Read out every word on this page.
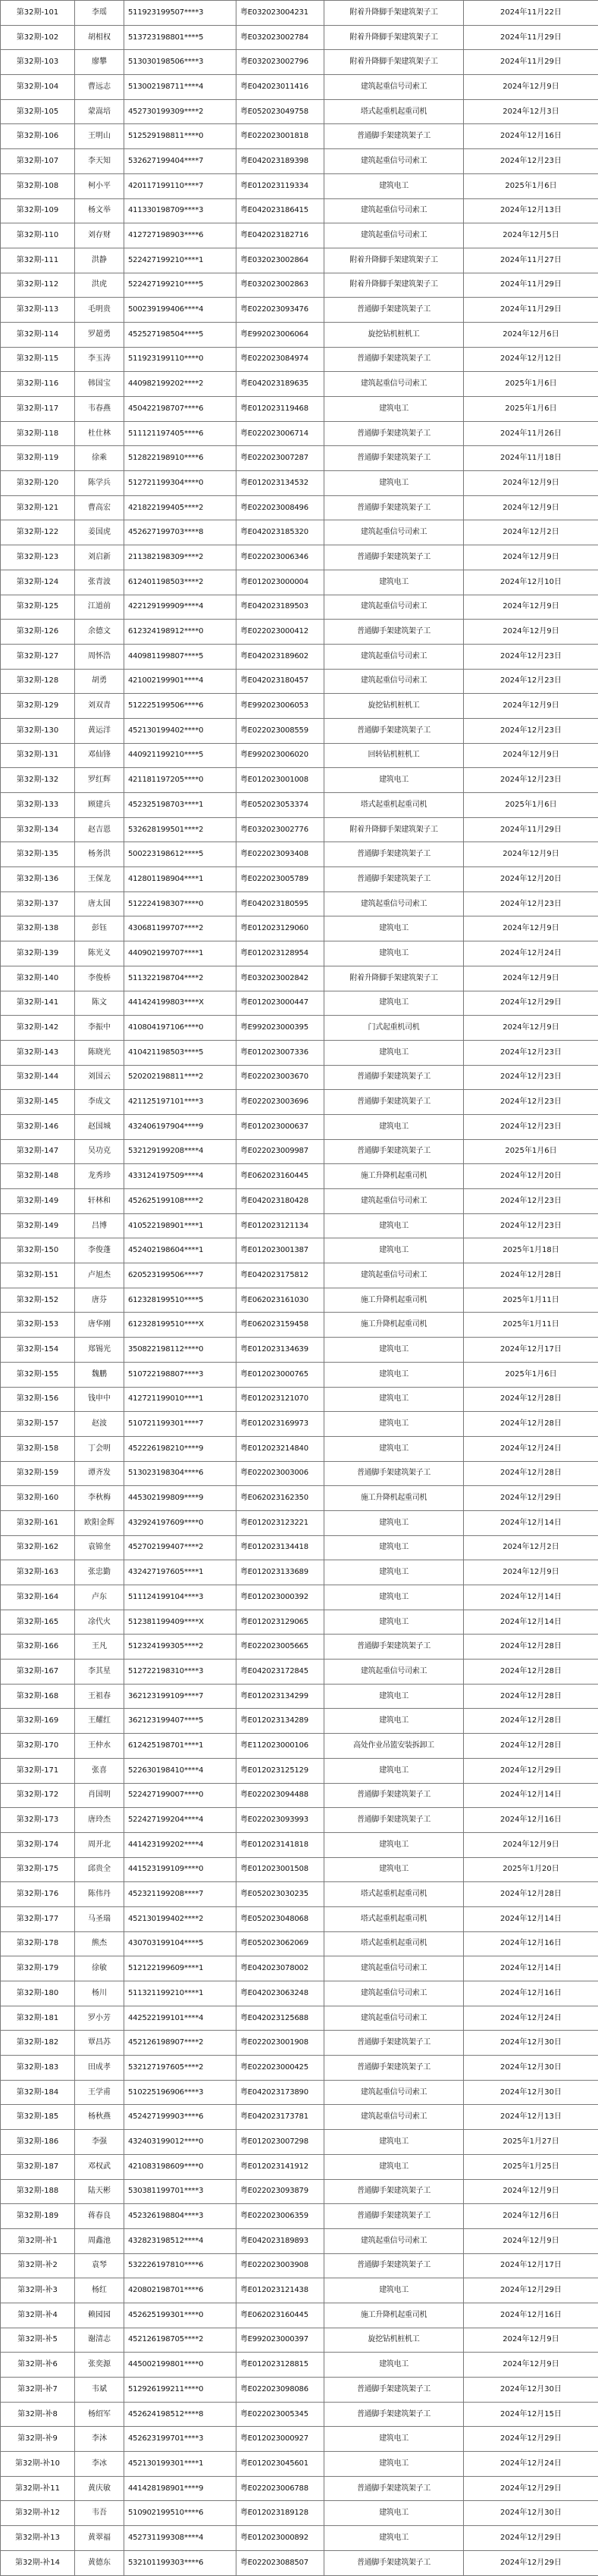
第32期-101	李瑶	511923199507****3	粤E032023004231	附着升降脚手架建筑架子工	2024年11月22日
第32期-102	胡相权	513723198801****5	粤E032023002784	附着升降脚手架建筑架子工	2024年11月29日
第32期-103	廖攀	513030198506****3	粤E032023002796	附着升降脚手架建筑架子工	2024年11月29日
第32期-104	曹远志	513002198711****4	粤E042023011416	建筑起重信号司索工	2024年12月9日
第32期-105	蒙嵩培	452730199309****2	粤E052023049758	塔式起重机起重司机	2024年12月3日
第32期-106	王明山	512529198811****0	粤E022023001818	普通脚手架建筑架子工	2024年12月16日
第32期-107	李天知	532627199404****7	粤E042023189398	建筑起重信号司索工	2024年12月23日
第32期-108	柯小平	420117199110****7	粤E012023119334	建筑电工	2025年1月6日
第32期-109	杨文举	411330198709****3	粤E042023186415	建筑起重信号司索工	2024年12月13日
第32期-110	刘存财	412727198903****6	粤E042023182716	建筑起重信号司索工	2024年12月5日
第32期-111	洪静	522427199210****1	粤E032023002864	附着升降脚手架建筑架子工	2024年11月27日
第32期-112	洪虎	522427199210****5	粤E032023002863	附着升降脚手架建筑架子工	2024年11月29日
第32期-113	毛明贵	500239199406****4	粤E022023093476	普通脚手架建筑架子工	2024年11月29日
第32期-114	罗超勇	452527198504****5	粤E992023006064	旋挖钻机桩机工	2024年12月6日
第32期-115	李玉涛	511923199110****0	粤E022023084974	普通脚手架建筑架子工	2024年12月12日
第32期-116	韩国宝	440982199202****2	粤E042023189635	建筑起重信号司索工	2025年1月6日
第32期-117	韦春燕	450422198707****6	粤E012023119468	建筑电工	2025年1月6日
第32期-118	杜仕林	511121197405****6	粤E022023006714	普通脚手架建筑架子工	2024年11月26日
第32期-119	徐乘	512822198910****6	粤E022023007287	普通脚手架建筑架子工	2024年11月18日
第32期-120	陈学兵	512721199304****0	粤E012023134532	建筑电工	2024年12月9日
第32期-121	曹高宏	421822199405****2	粤E022023008496	普通脚手架建筑架子工	2024年12月9日
第32期-122	姜国虎	452627199703****8	粤E042023185320	建筑起重信号司索工	2024年12月2日
第32期-123	刘启新	211382198309****2	粤E022023006346	普通脚手架建筑架子工	2024年12月9日
第32期-124	张青波	612401198503****2	粤E012023000004	建筑电工	2024年12月10日
第32期-125	江道前	422129199909****4	粤E042023189503	建筑起重信号司索工	2024年12月9日
第32期-126	余德文	612324198912****0	粤E022023000412	普通脚手架建筑架子工	2024年12月9日
第32期-127	周怀浩	440981199807****5	粤E042023189602	建筑起重信号司索工	2024年12月23日
第32期-128	胡勇	421002199901****4	粤E042023180457	建筑起重信号司索工	2024年12月23日
第32期-129	刘双青	512225199506****6	粤E992023006053	旋挖钻机桩机工	2024年12月9日
第32期-130	黄运洋	452130199402****0	粤E022023008559	普通脚手架建筑架子工	2024年12月23日
第32期-131	邓仙锋	440921199210****5	粤E992023006020	回转钻机桩机工	2024年12月9日
第32期-132	罗红辉	421181197205****0	粤E012023001008	建筑电工	2024年12月23日
第32期-133	顾建兵	452325198703****1	粤E052023053374	塔式起重机起重司机	2025年1月6日
第32期-134	赵吉恩	532628199501****2	粤E032023002776	附着升降脚手架建筑架子工	2024年11月29日
第32期-135	杨务洪	500223198612****5	粤E022023093408	普通脚手架建筑架子工	2024年12月9日
第32期-136	王保龙	412801198904****1	粤E022023005789	普通脚手架建筑架子工	2024年12月20日
第32期-137	唐太国	512224198307****0	粤E042023180595	建筑起重信号司索工	2024年12月23日
第32期-138	彭钰	430681199707****2	粤E012023129060	建筑电工	2024年12月9日
第32期-139	陈光义	440902199707****1	粤E012023128954	建筑电工	2024年12月24日
第32期-140	李俊桥	511322198704****2	粤E032023002842	附着升降脚手架建筑架子工	2024年12月9日
第32期-141	陈文	441424199803****X	粤E012023000447	建筑电工	2024年12月29日
第32期-142	李振中	410804197106****0	粤E992023000395	门式起重机司机	2024年12月9日
第32期-143	陈晓光	410421198503****5	粤E012023007336	建筑电工	2024年12月23日
第32期-144	刘国云	520202198811****2	粤E022023003670	普通脚手架建筑架子工	2024年12月23日
第32期-145	李成文	421125197101****3	粤E022023003696	普通脚手架建筑架子工	2024年12月23日
第32期-146	赵国城	432406197904****9	粤E012023000637	建筑电工	2024年12月23日
第32期-147	吴功克	532129199208****4	粤E022023009987	普通脚手架建筑架子工	2025年1月6日
第32期-148	龙秀珍	433124197509****4	粤E062023160445	施工升降机起重司机	2024年12月20日
第32期-149	轩林和	452625199108****2	粤E042023180428	建筑起重信号司索工	2024年12月23日
第32期-149	吕博	410522198901****1	粤E012023121134	建筑电工	2024年12月23日
第32期-150	李俊蓬	452402198604****1	粤E012023001387	建筑电工	2025年1月18日
第32期-151	卢旭杰	620523199506****7	粤E042023175812	建筑起重信号司索工	2024年12月28日
第32期-152	唐芬	612328199510****5	粤E062023161030	施工升降机起重司机	2025年1月11日
第32期-153	唐华刚	612328199510****X	粤E062023159458	施工升降机起重司机	2025年1月11日
第32期-154	郑锡光	350822198112****0	粤E012023134639	建筑电工	2024年12月17日
第32期-155	魏鹏	510722198807****3	粤E012023000765	建筑电工	2025年1月6日
第32期-156	钱申中	412721199010****1	粤E012023121070	建筑电工	2024年12月28日
第32期-157	赵波	510721199301****7	粤E012023169973	建筑电工	2024年12月28日
第32期-158	丁会明	452226198210****9	粤E012023214840	建筑电工	2024年12月24日
第32期-159	谭齐发	513023198304****6	粤E022023003006	普通脚手架建筑架子工	2024年12月28日
第32期-160	李秋梅	445302199809****9	粤E062023162350	施工升降机起重司机	2024年12月29日
第32期-161	欧阳金辉	432924197609****0	粤E012023123221	建筑电工	2024年12月14日
第32期-162	袁锦奎	452702199407****2	粤E012023134418	建筑电工	2024年12月2日
第32期-163	张忠勤	432427197605****1	粤E012023133689	建筑电工	2024年12月9日
第32期-164	卢东	511124199104****3	粤E012023000392	建筑电工	2024年12月14日
第32期-165	凃代火	512381199409****X	粤E012023129065	建筑电工	2024年12月14日
第32期-166	王凡	512324199305****2	粤E022023005665	普通脚手架建筑架子工	2024年12月28日
第32期-167	李其星	512722198310****3	粤E042023172845	建筑起重信号司索工	2024年12月28日
第32期-168	王祖春	362123199109****7	粤E012023134299	建筑电工	2024年12月28日
第32期-169	王耀红	362123199407****5	粤E012023134289	建筑电工	2024年12月28日
第32期-170	王仲水	612425198701****1	粤E112023000106	高处作业吊篮安装拆卸工	2024年12月28日
第32期-171	张喜	522630198410****4	粤E012023125129	建筑电工	2024年12月29日
第32期-172	肖国明	522427199007****0	粤E022023094488	普通脚手架建筑架子工	2024年12月14日
第32期-173	唐玲杰	522427199204****4	粤E022023093993	普通脚手架建筑架子工	2024年12月16日
第32期-174	周开北	441423199202****4	粤E012023141818	建筑电工	2024年12月9日
第32期-175	邱贵全	441523199109****0	粤E012023001508	建筑电工	2025年1月20日
第32期-176	陈伟丹	452321199208****7	粤E052023030235	塔式起重机起重司机	2024年12月28日
第32期-177	马圣瑞	452130199402****2	粤E052023048068	塔式起重机起重司机	2024年12月14日
第32期-178	熊杰	430703199104****5	粤E052023062069	塔式起重机起重司机	2024年12月16日
第32期-179	徐敏	512122199609****1	粤E042023078002	建筑起重信号司索工	2024年12月14日
第32期-180	杨川	511321199210****1	粤E042023063248	建筑起重信号司索工	2024年12月16日
第32期-181	罗小芳	442522199101****4	粤E042023125688	建筑起重信号司索工	2024年12月24日
第32期-182	覃昌苏	452126198907****2	粤E022023001908	普通脚手架建筑架子工	2024年12月30日
第32期-183	田成孝	532127197605****2	粤E022023000425	普通脚手架建筑架子工	2024年12月30日
第32期-184	王学甫	510225196906****3	粤E042023173890	建筑起重信号司索工	2024年12月30日
第32期-185	杨秋燕	452427199903****6	粤E042023173781	建筑起重信号司索工	2024年12月13日
第32期-186	李强	432403199012****0	粤E012023007298	建筑电工	2025年1月27日
第32期-187	邓权武	421083198609****0	粤E012023141912	建筑电工	2025年1月25日
第32期-188	陆天彬	530381199701****3	粤E022023093879	普通脚手架建筑架子工	2024年12月9日
第32期-189	蒋春良	452326198804****3	粤E022023006359	普通脚手架建筑架子工	2024年12月6日
第32期-补1	周鑫池	432823198512****4	粤E042023189893	建筑起重信号司索工	2024年12月9日
第32期-补2	袁琴	532226197810****6	粤E022023003908	普通脚手架建筑架子工	2024年12月17日
第32期-补3	杨红	420802198701****6	粤E012023121438	建筑电工	2024年12月29日
第32期-补4	赖园园	452625199301****0	粤E062023160445	施工升降机起重司机	2024年12月16日
第32期-补5	谢清志	452126198705****2	粤E992023000397	旋挖钻机桩机工	2024年12月9日
第32期-补6	张奕源	445002199801****0	粤E012023128815	建筑电工	2024年12月9日
第32期-补7	韦斌	512926199211****0	粤E022023098086	普通脚手架建筑架子工	2024年12月30日
第32期-补8	杨绍军	452624198512****8	粤E022023005345	普通脚手架建筑架子工	2024年12月15日
第32期-补9	李沐	452623199701****3	粤E012023000927	建筑电工	2024年12月29日
第32期-补10	李冰	452130199301****1	粤E012023045601	建筑电工	2024年12月24日
第32期-补11	黄庆敏	441428198901****9	粤E022023006788	普通脚手架建筑架子工	2024年12月29日
第32期-补12	韦吾	510902199510****6	粤E012023189128	建筑电工	2024年12月30日
第32期-补13	黄翠福	452731199308****4	粤E012023000892	建筑电工	2024年12月29日
第32期-补14	黄德东	532101199303****6	粤E022023088507	普通脚手架建筑架子工	2024年12月29日
